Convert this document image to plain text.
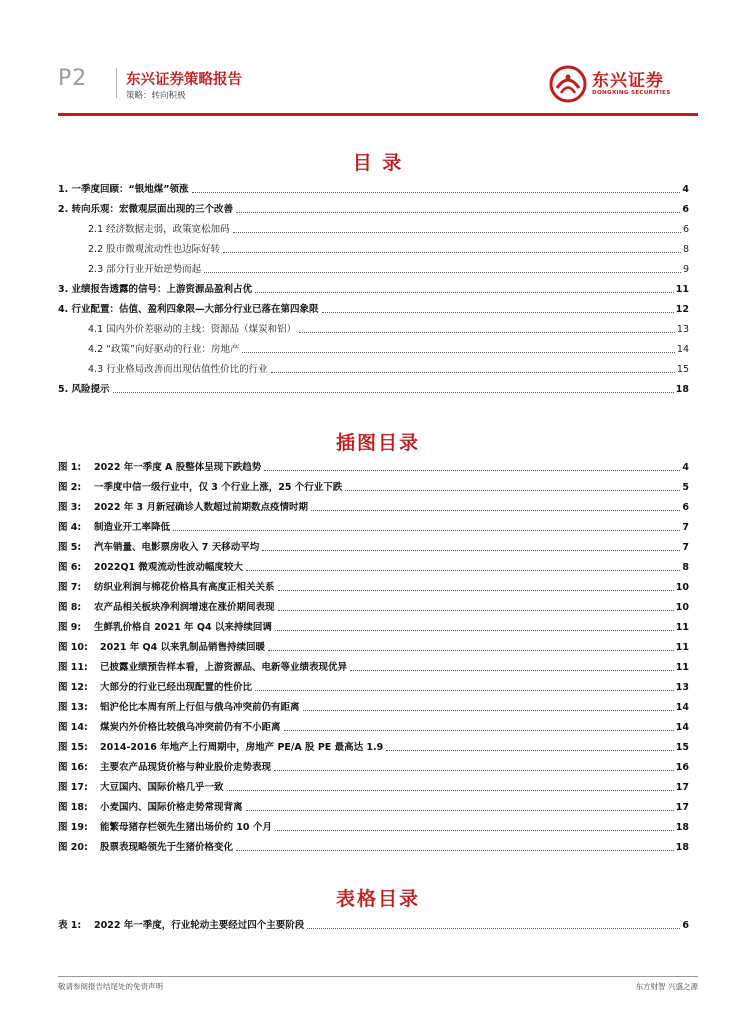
P2	东兴证券策略报告
策略：转向积极
东兴证券
DONGXING SECURITIES
目 录
1. 一季度回顾：“银地煤”领涨	4
2. 转向乐观：宏微观层面出现的三个改善	6
2.1 经济数据走弱，政策宽松加码	6
2.2 股市微观流动性也边际好转	8
2.3 部分行业开始逆势而起	9
3. 业绩报告透露的信号：上游资源品盈利占优	11
4. 行业配置：估值、盈利四象限—大部分行业已落在第四象限	12
4.1 国内外价差驱动的主线：资源品（煤炭和铝）	13
4.2 “政策”向好驱动的行业：房地产	14
4.3 行业格局改善而出现估值性价比的行业	15
5. 风险提示	18
插图目录
图 1:	2022 年一季度 A 股整体呈现下跌趋势	4
图 2:	一季度中信一级行业中，仅 3 个行业上涨，25 个行业下跌	5
图 3:	2022 年 3 月新冠确诊人数超过前期数点疫情时期	6
图 4:	制造业开工率降低	7
图 5:	汽车销量、电影票房收入 7 天移动平均	7
图 6:	2022Q1 微观流动性波动幅度较大	8
图 7:	纺织业利润与棉花价格具有高度正相关关系	10
图 8:	农产品相关板块净利润增速在涨价期间表现	10
图 9:	生鲜乳价格自 2021 年 Q4 以来持续回调	11
图 10:	2021 年 Q4 以来乳制品销售持续回暖	11
图 11:	已披露业绩预告样本看，上游资源品、电新等业绩表现优异	11
图 12:	大部分的行业已经出现配置的性价比	13
图 13:	铝沪伦比本周有所上行但与俄乌冲突前仍有距离	14
图 14:	煤炭内外价格比较俄乌冲突前仍有不小距离	14
图 15:	2014-2016 年地产上行周期中，房地产 PE/A 股 PE 最高达 1.9	15
图 16:	主要农产品现货价格与种业股价走势表现	16
图 17:	大豆国内、国际价格几乎一致	17
图 18:	小麦国内、国际价格走势常现背离	17
图 19:	能繁母猪存栏领先生猪出场价约 10 个月	18
图 20:	股票表现略领先于生猪价格变化	18
表格目录
表 1:	2022 年一季度，行业轮动主要经过四个主要阶段	6
敬请参阅报告结尾处的免责声明	东方财智 兴盛之源
